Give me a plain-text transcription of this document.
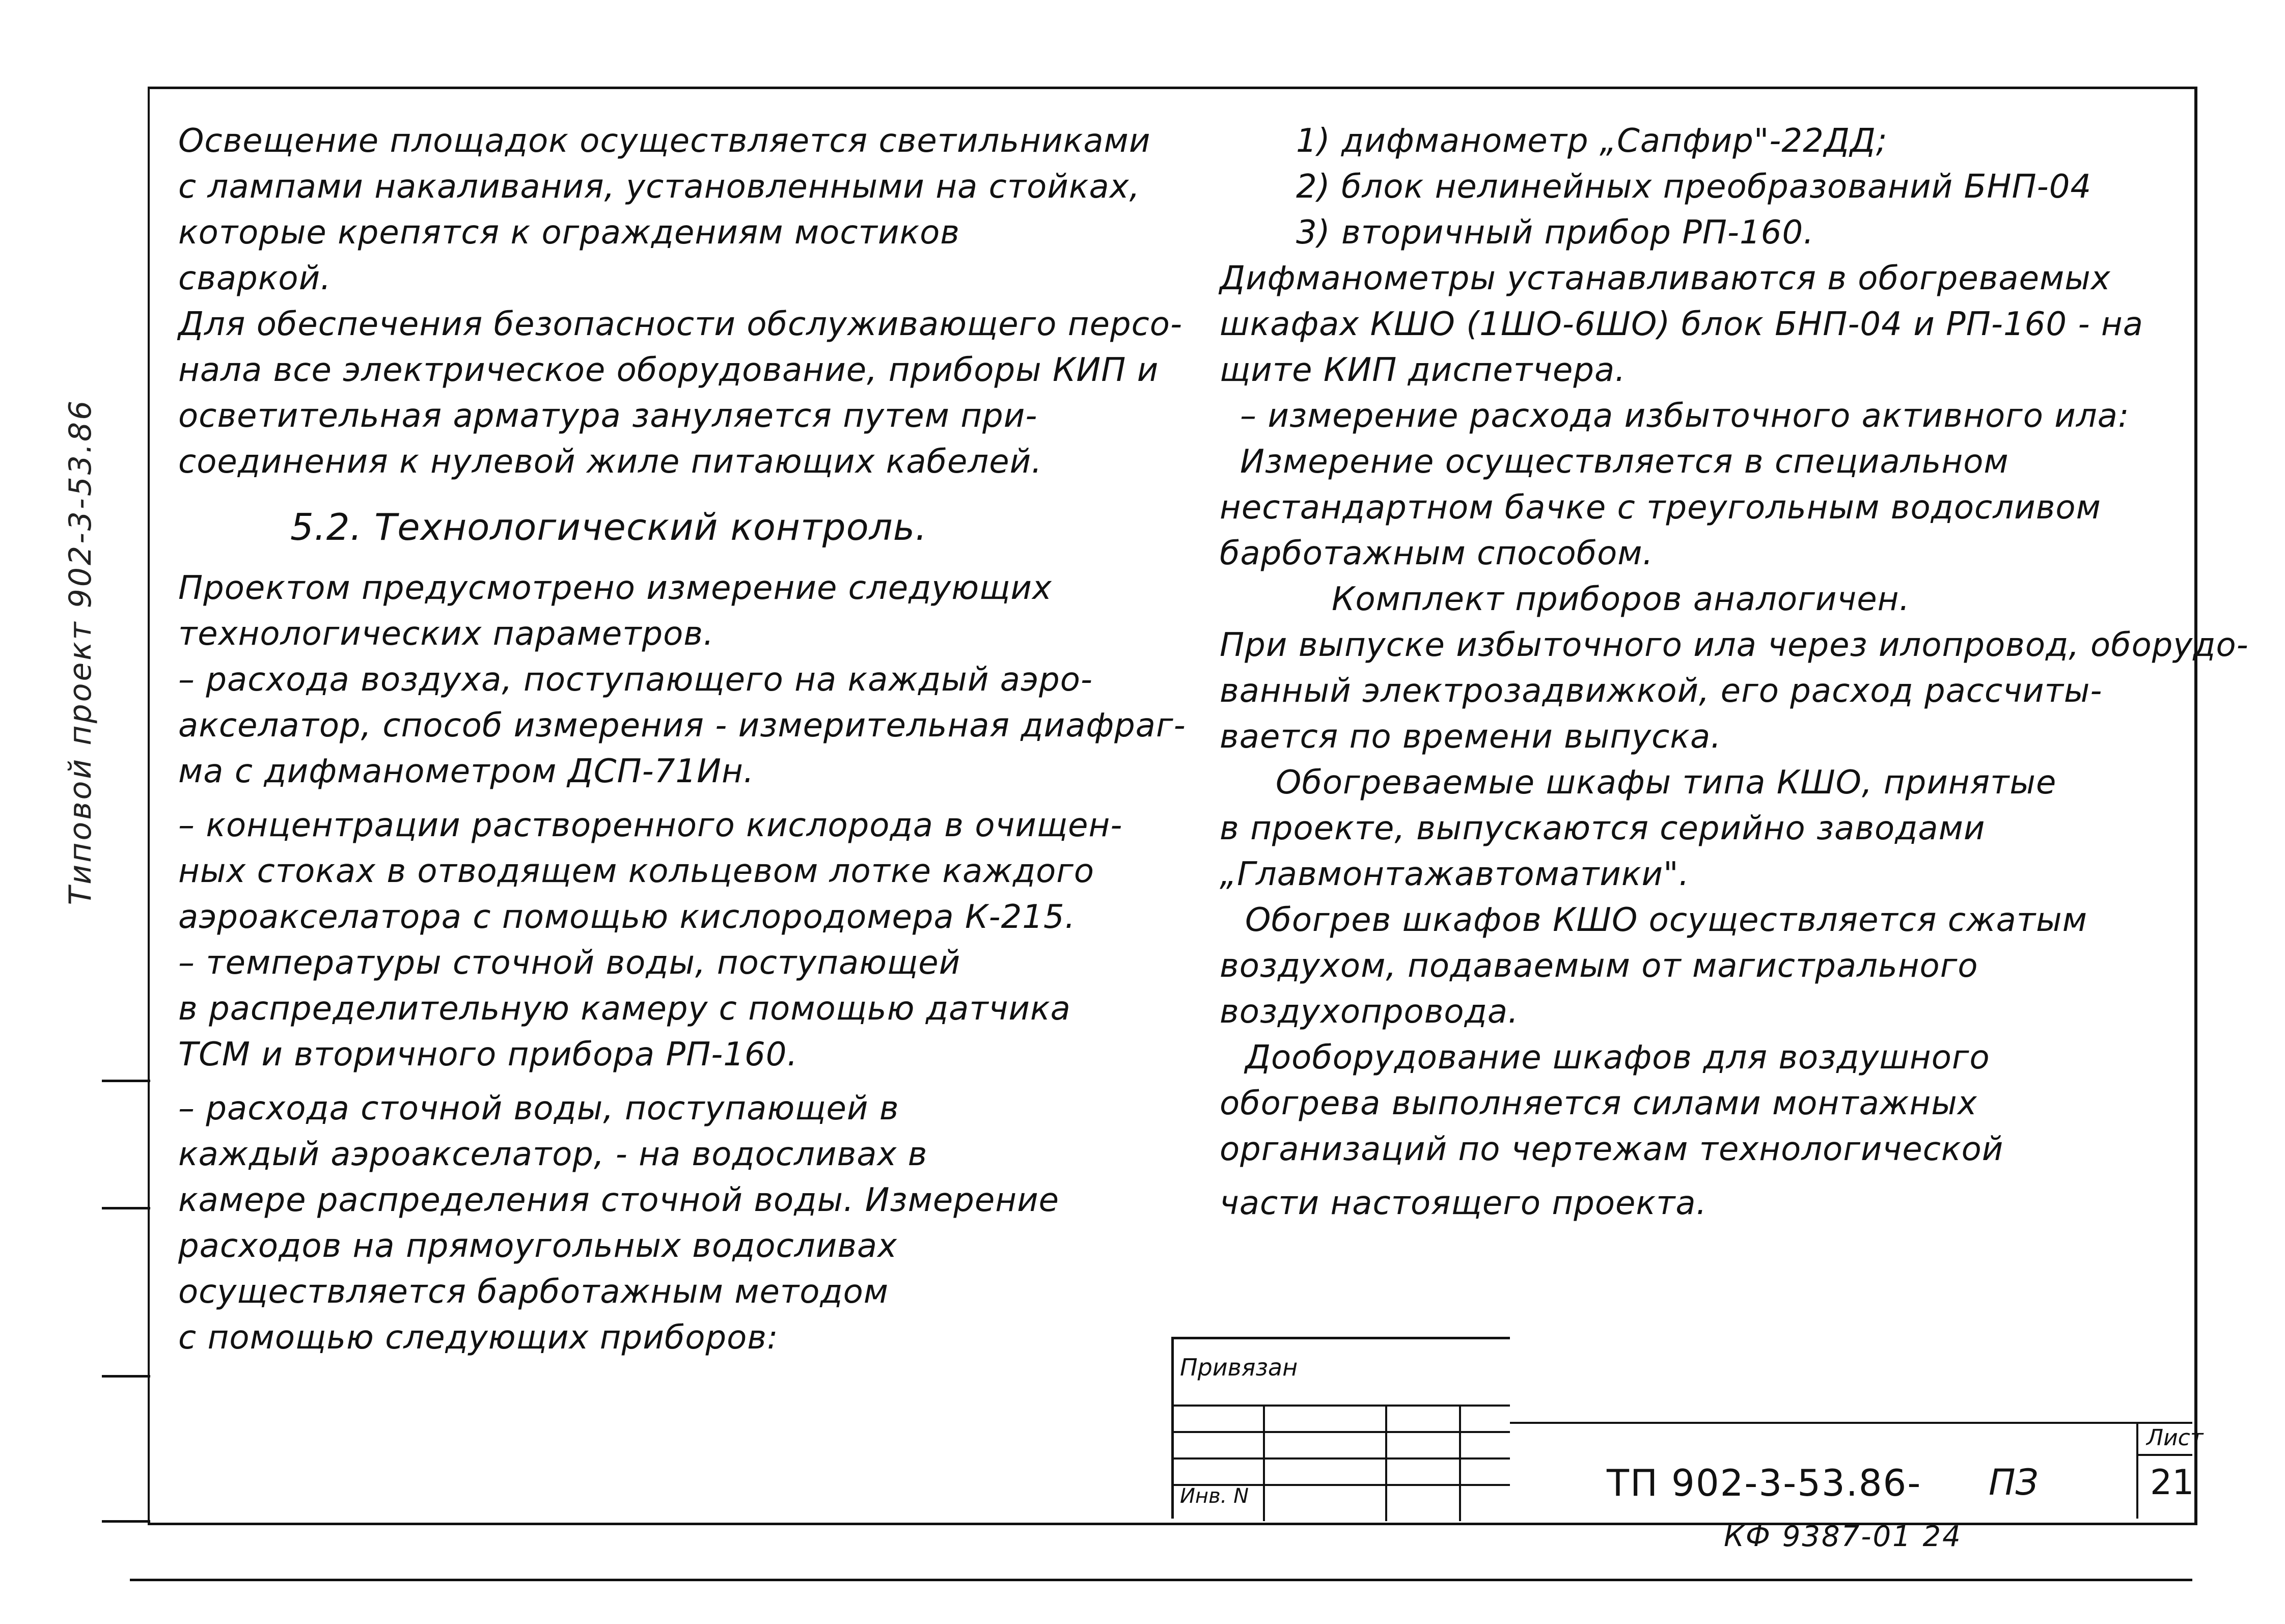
Типовой проект 902-3-53.86
Освещение площадок осуществляется светильниками
с лампами накаливания, установленными на стойках,
которые крепятся к ограждениям мостиков
сваркой.
Для обеспечения безопасности обслуживающего персо-
нала все электрическое оборудование, приборы КИП и
осветительная арматура зануляется путем при-
соединения к нулевой жиле питающих кабелей.
5.2. Технологический контроль.
Проектом предусмотрено измерение следующих
технологических параметров.
– расхода воздуха, поступающего на каждый аэро-
акселатор, способ измерения - измерительная диафраг-
ма с дифманометром ДСП-71Ин.
– концентрации растворенного кислорода в очищен-
ных стоках в отводящем кольцевом лотке каждого
аэроакселатора с помощью кислородомера К-215.
– температуры сточной воды, поступающей
в распределительную камеру с помощью датчика
ТСМ и вторичного прибора РП-160.
– расхода сточной воды, поступающей в
каждый аэроакселатор, - на водосливах в
камере распределения сточной воды. Измерение
расходов на прямоугольных водосливах
осуществляется барботажным методом
с помощью следующих приборов:
1) дифманометр „Сапфир"-22ДД;
2) блок нелинейных преобразований БНП-04
3) вторичный прибор РП-160.
Дифманометры устанавливаются в обогреваемых
шкафах КШО (1ШО-6ШО) блок БНП-04 и РП-160 - на
щите КИП диспетчера.
– измерение расхода избыточного активного ила:
Измерение осуществляется в специальном
нестандартном бачке с треугольным водосливом
барботажным способом.
Комплект приборов аналогичен.
При выпуске избыточного ила через илопровод, оборудо-
ванный электрозадвижкой, его расход рассчиты-
вается по времени выпуска.
Обогреваемые шкафы типа КШО, принятые
в проекте, выпускаются серийно заводами
„Главмонтажавтоматики".
Обогрев шкафов КШО осуществляется сжатым
воздухом, подаваемым от магистрального
воздухопровода.
Дооборудование шкафов для воздушного
обогрева выполняется силами монтажных
организаций по чертежам технологической
части настоящего проекта.
Привязан
Инв. N	ТП 902-3-53.86- ПЗ
Лист
21
КФ 9387-01 24
